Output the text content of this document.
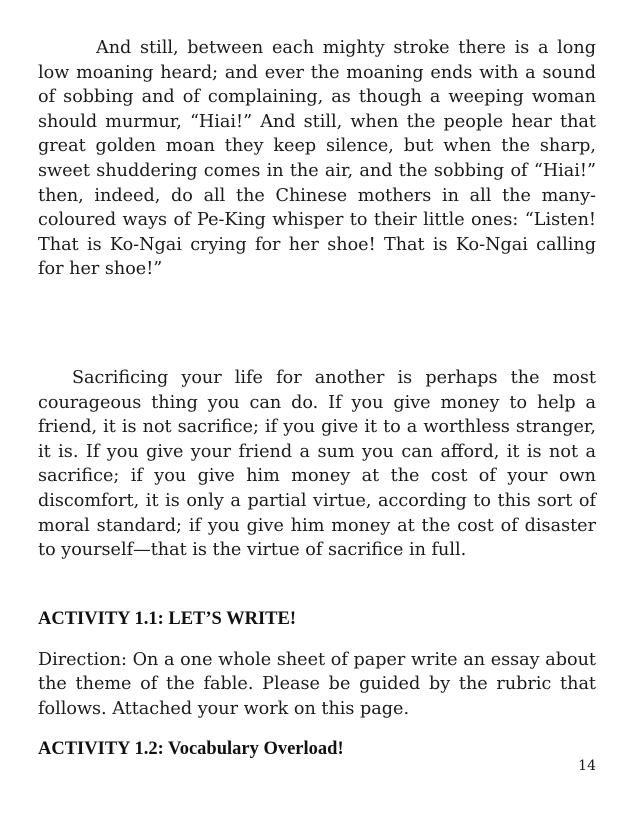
And still, between each mighty stroke there is a long low moaning heard; and ever the moaning ends with a sound of sobbing and of complaining, as though a weeping woman should murmur, “Hiai!” And still, when the people hear that great golden moan they keep silence, but when the sharp, sweet shuddering comes in the air, and the sobbing of “Hiai!” then, indeed, do all the Chinese mothers in all the many-coloured ways of Pe-King whisper to their little ones: “Listen! That is Ko-Ngai crying for her shoe! That is Ko-Ngai calling for her shoe!”

Sacrificing your life for another is perhaps the most courageous thing you can do. If you give money to help a friend, it is not sacrifice; if you give it to a worthless stranger, it is. If you give your friend a sum you can afford, it is not a sacrifice; if you give him money at the cost of your own discomfort, it is only a partial virtue, according to this sort of moral standard; if you give him money at the cost of disaster to yourself—that is the virtue of sacrifice in full.

ACTIVITY 1.1: LET’S WRITE!

Direction: On a one whole sheet of paper write an essay about the theme of the fable. Please be guided by the rubric that follows. Attached your work on this page.

ACTIVITY 1.2: Vocabulary Overload!
14
